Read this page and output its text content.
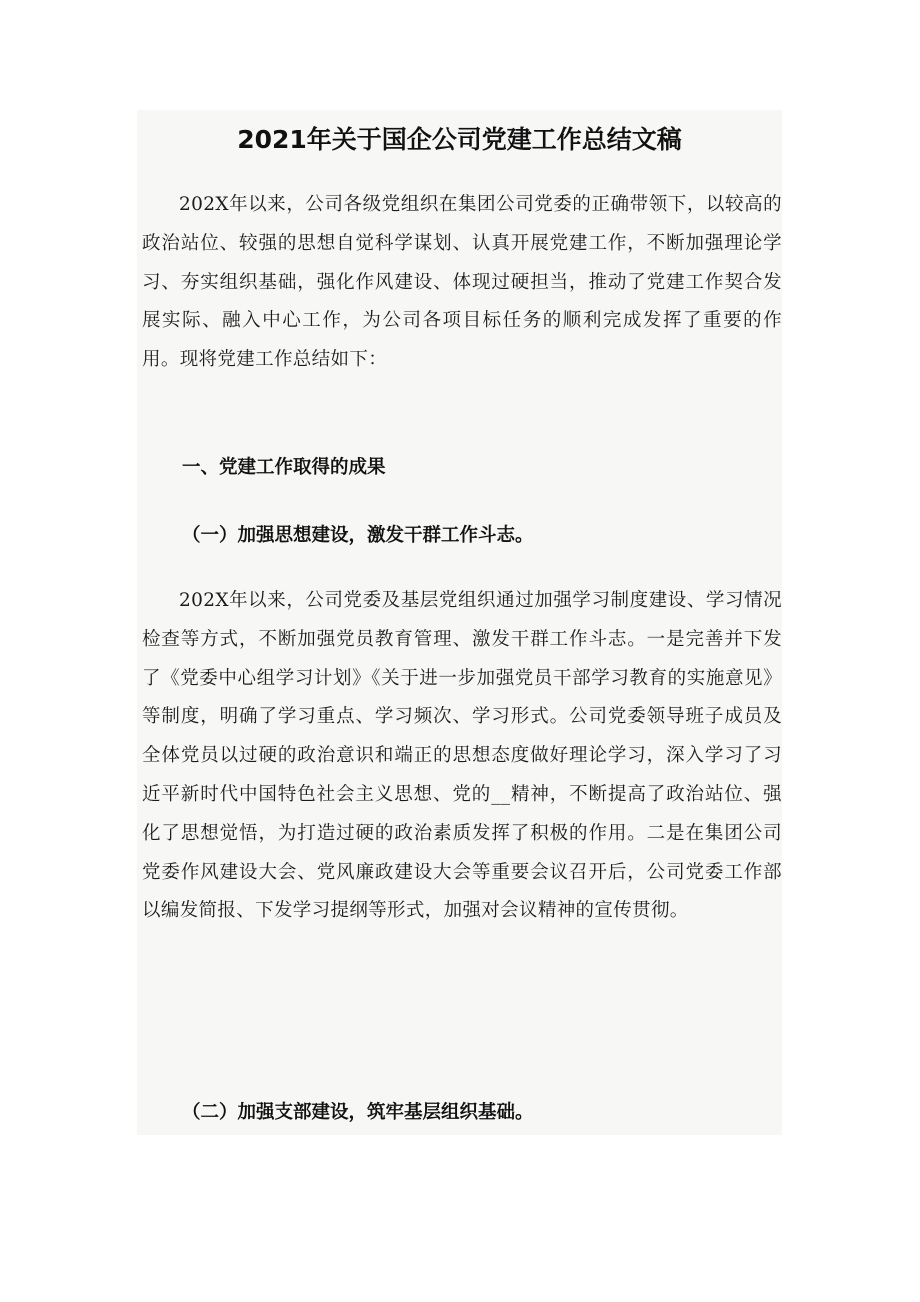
2021年关于国企公司党建工作总结文稿

202X年以来，公司各级党组织在集团公司党委的正确带领下，以较高的政治站位、较强的思想自觉科学谋划、认真开展党建工作，不断加强理论学习、夯实组织基础，强化作风建设、体现过硬担当，推动了党建工作契合发展实际、融入中心工作，为公司各项目标任务的顺利完成发挥了重要的作用。现将党建工作总结如下：

一、党建工作取得的成果
（一）加强思想建设，激发干群工作斗志。

202X年以来，公司党委及基层党组织通过加强学习制度建设、学习情况检查等方式，不断加强党员教育管理、激发干群工作斗志。一是完善并下发了《党委中心组学习计划》《关于进一步加强党员干部学习教育的实施意见》等制度，明确了学习重点、学习频次、学习形式。公司党委领导班子成员及全体党员以过硬的政治意识和端正的思想态度做好理论学习，深入学习了习近平新时代中国特色社会主义思想、党的__精神，不断提高了政治站位、强化了思想觉悟，为打造过硬的政治素质发挥了积极的作用。二是在集团公司党委作风建设大会、党风廉政建设大会等重要会议召开后，公司党委工作部以编发简报、下发学习提纲等形式，加强对会议精神的宣传贯彻。

（二）加强支部建设，筑牢基层组织基础。
